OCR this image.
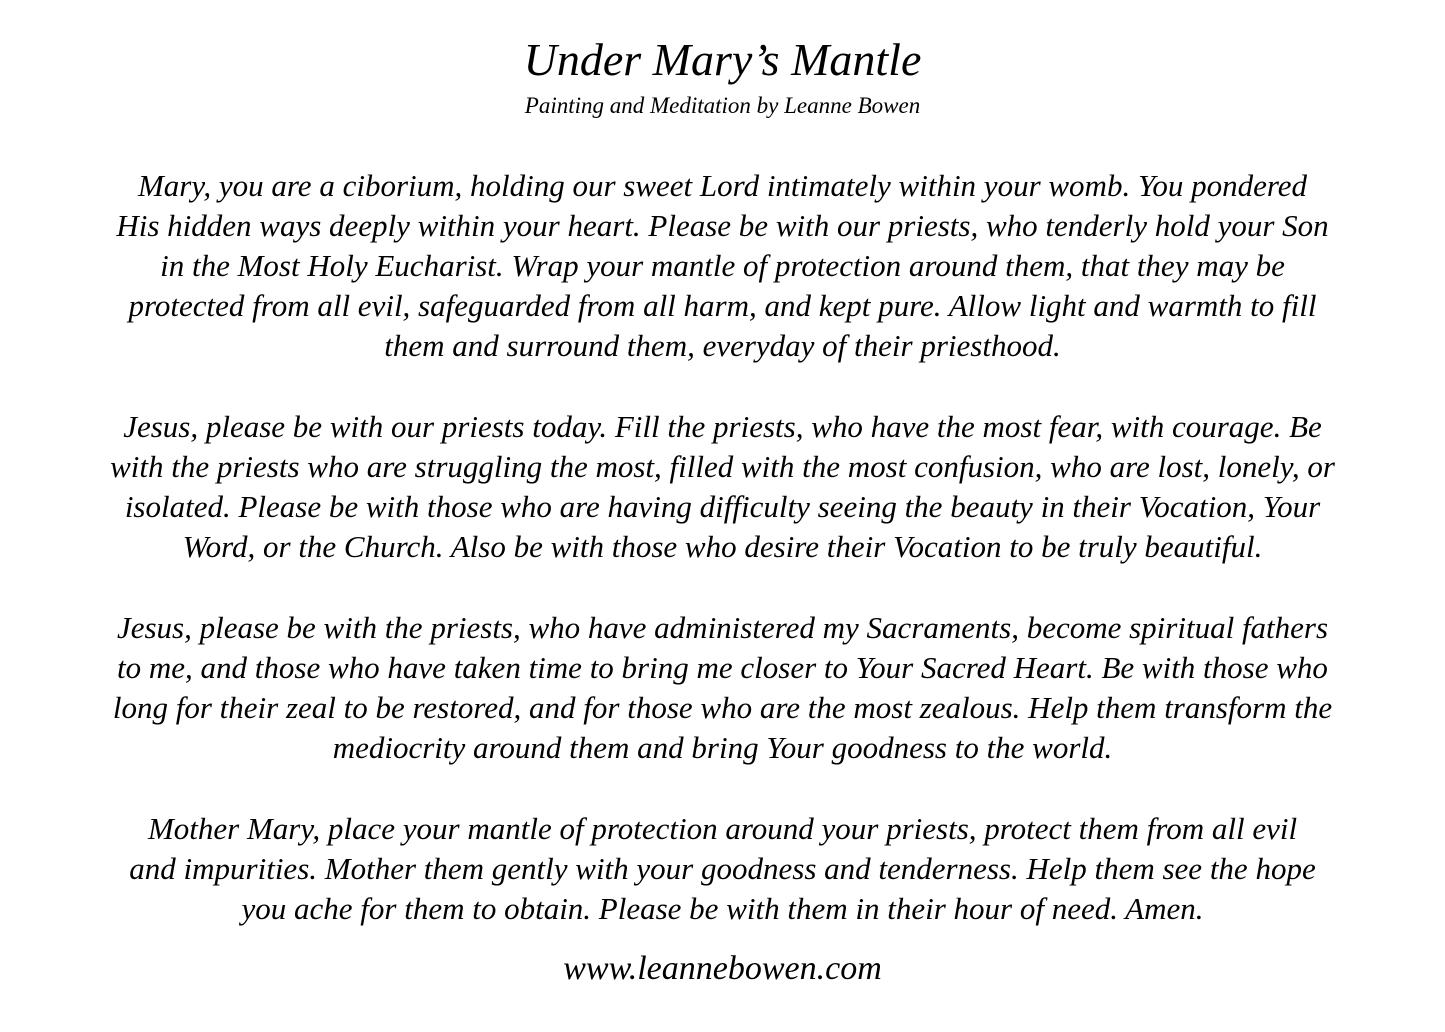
Under Mary’s Mantle
Painting and Meditation by Leanne Bowen

Mary, you are a ciborium, holding our sweet Lord intimately within your womb. You pondered
His hidden ways deeply within your heart. Please be with our priests, who tenderly hold your Son
in the Most Holy Eucharist. Wrap your mantle of protection around them, that they may be
protected from all evil, safeguarded from all harm, and kept pure. Allow light and warmth to fill
them and surround them, everyday of their priesthood.

Jesus, please be with our priests today. Fill the priests, who have the most fear, with courage. Be
with the priests who are struggling the most, filled with the most confusion, who are lost, lonely, or
isolated. Please be with those who are having difficulty seeing the beauty in their Vocation, Your
Word, or the Church. Also be with those who desire their Vocation to be truly beautiful.

Jesus, please be with the priests, who have administered my Sacraments, become spiritual fathers
to me, and those who have taken time to bring me closer to Your Sacred Heart. Be with those who
long for their zeal to be restored, and for those who are the most zealous. Help them transform the
mediocrity around them and bring Your goodness to the world.

Mother Mary, place your mantle of protection around your priests, protect them from all evil
and impurities. Mother them gently with your goodness and tenderness. Help them see the hope
you ache for them to obtain. Please be with them in their hour of need. Amen.

www.leannebowen.com
